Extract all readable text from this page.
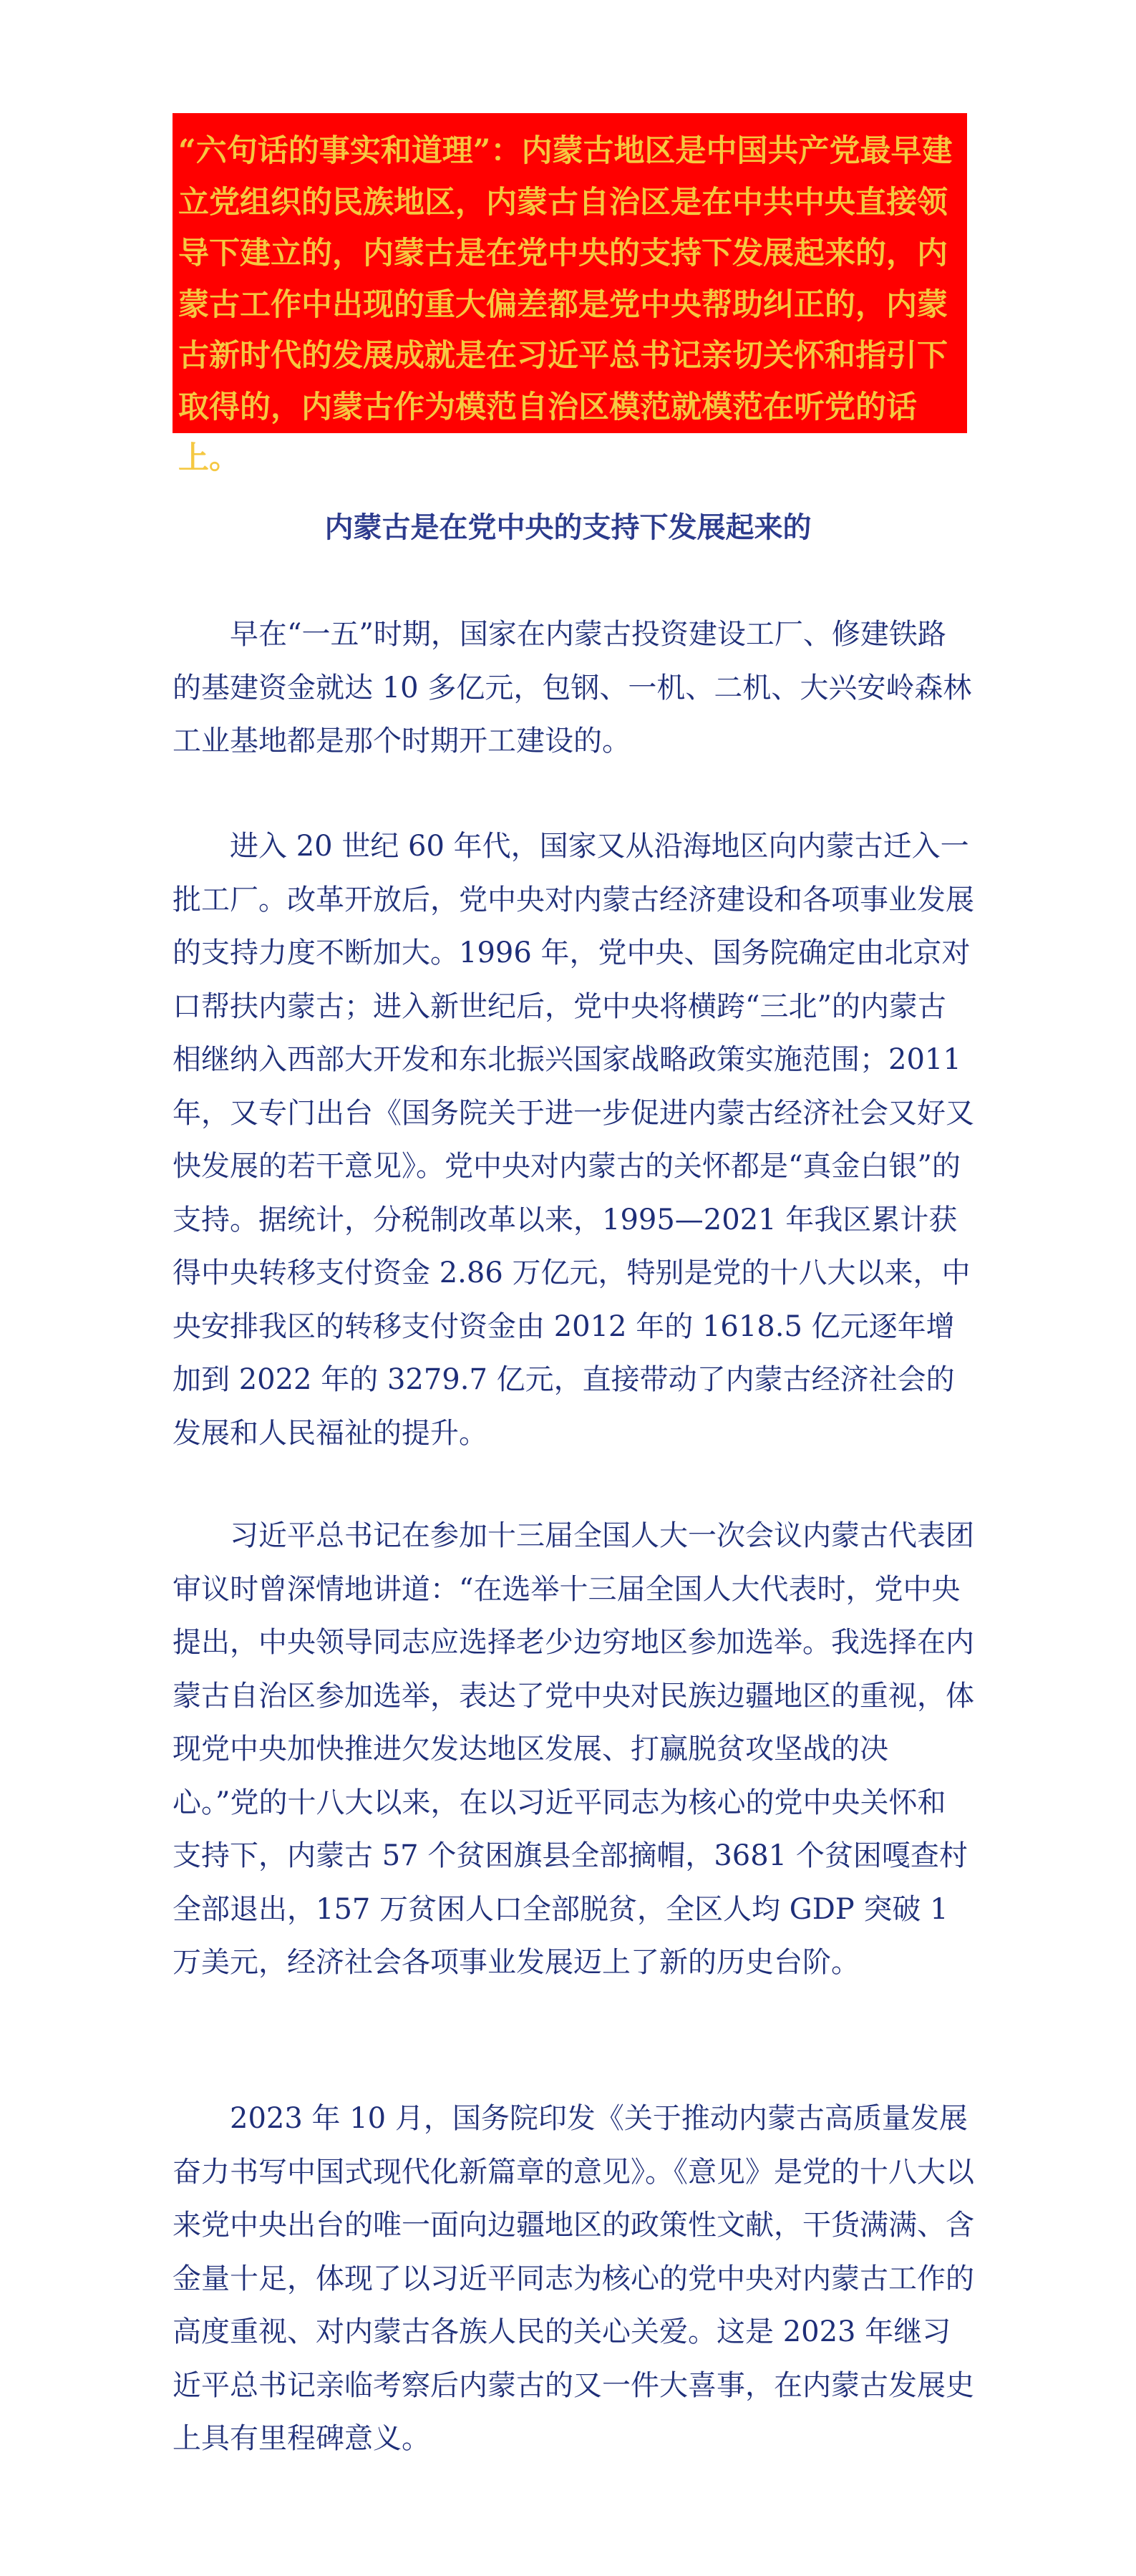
“六句话的事实和道理”：内蒙古地区是中国共产党最早建立党组织的民族地区，内蒙古自治区是在中共中央直接领导下建立的，内蒙古是在党中央的支持下发展起来的，内蒙古工作中出现的重大偏差都是党中央帮助纠正的，内蒙古新时代的发展成就是在习近平总书记亲切关怀和指引下取得的，内蒙古作为模范自治区模范就模范在听党的话上。

内蒙古是在党中央的支持下发展起来的

早在“一五”时期，国家在内蒙古投资建设工厂、修建铁路的基建资金就达 10 多亿元，包钢、一机、二机、大兴安岭森林工业基地都是那个时期开工建设的。

进入 20 世纪 60 年代，国家又从沿海地区向内蒙古迁入一批工厂。改革开放后，党中央对内蒙古经济建设和各项事业发展的支持力度不断加大。1996 年，党中央、国务院确定由北京对口帮扶内蒙古；进入新世纪后，党中央将横跨“三北”的内蒙古相继纳入西部大开发和东北振兴国家战略政策实施范围；2011 年，又专门出台《国务院关于进一步促进内蒙古经济社会又好又快发展的若干意见》。党中央对内蒙古的关怀都是“真金白银”的支持。据统计，分税制改革以来，1995—2021 年我区累计获得中央转移支付资金 2.86 万亿元，特别是党的十八大以来，中央安排我区的转移支付资金由 2012 年的 1618.5 亿元逐年增加到 2022 年的 3279.7 亿元，直接带动了内蒙古经济社会的发展和人民福祉的提升。

习近平总书记在参加十三届全国人大一次会议内蒙古代表团审议时曾深情地讲道：“在选举十三届全国人大代表时，党中央提出，中央领导同志应选择老少边穷地区参加选举。我选择在内蒙古自治区参加选举，表达了党中央对民族边疆地区的重视，体现党中央加快推进欠发达地区发展、打赢脱贫攻坚战的决心。”党的十八大以来，在以习近平同志为核心的党中央关怀和支持下，内蒙古 57 个贫困旗县全部摘帽，3681 个贫困嘎查村全部退出，157 万贫困人口全部脱贫，全区人均 GDP 突破 1 万美元，经济社会各项事业发展迈上了新的历史台阶。

2023 年 10 月，国务院印发《关于推动内蒙古高质量发展奋力书写中国式现代化新篇章的意见》。《意见》是党的十八大以来党中央出台的唯一面向边疆地区的政策性文献，干货满满、含金量十足，体现了以习近平同志为核心的党中央对内蒙古工作的高度重视、对内蒙古各族人民的关心关爱。这是 2023 年继习近平总书记亲临考察后内蒙古的又一件大喜事，在内蒙古发展史上具有里程碑意义。
